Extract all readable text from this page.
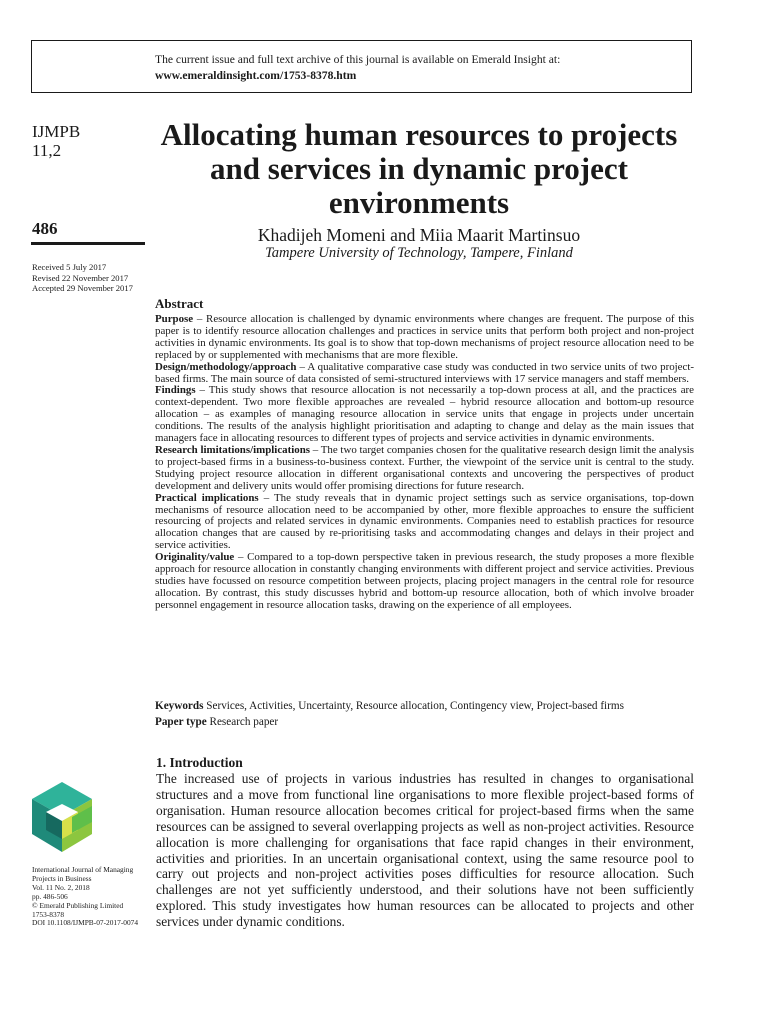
The current issue and full text archive of this journal is available on Emerald Insight at:
www.emeraldinsight.com/1753-8378.htm
IJMPB
11,2
486
Received 5 July 2017
Revised 22 November 2017
Accepted 29 November 2017
Allocating human resources to projects and services in dynamic project environments
Khadijeh Momeni and Miia Maarit Martinsuo
Tampere University of Technology, Tampere, Finland
Abstract

Purpose – Resource allocation is challenged by dynamic environments where changes are frequent. The purpose of this paper is to identify resource allocation challenges and practices in service units that perform both project and non-project activities in dynamic environments. Its goal is to show that top-down mechanisms of project resource allocation need to be replaced by or supplemented with mechanisms that are more flexible.

Design/methodology/approach – A qualitative comparative case study was conducted in two service units of two project-based firms. The main source of data consisted of semi-structured interviews with 17 service managers and staff members.

Findings – This study shows that resource allocation is not necessarily a top-down process at all, and the practices are context-dependent. Two more flexible approaches are revealed – hybrid resource allocation and bottom-up resource allocation – as examples of managing resource allocation in service units that engage in projects under uncertain conditions. The results of the analysis highlight prioritisation and adapting to change and delay as the main issues that managers face in allocating resources to different types of projects and service activities in dynamic environments.

Research limitations/implications – The two target companies chosen for the qualitative research design limit the analysis to project-based firms in a business-to-business context. Further, the viewpoint of the service unit is central to the study. Studying project resource allocation in different organisational contexts and uncovering the perspectives of product development and delivery units would offer promising directions for future research.

Practical implications – The study reveals that in dynamic project settings such as service organisations, top-down mechanisms of resource allocation need to be accompanied by other, more flexible approaches to ensure the sufficient resourcing of projects and related services in dynamic environments. Companies need to establish practices for resource allocation changes that are caused by re-prioritising tasks and accommodating changes and delays in their project and service activities.

Originality/value – Compared to a top-down perspective taken in previous research, the study proposes a more flexible approach for resource allocation in constantly changing environments with different project and service activities. Previous studies have focussed on resource competition between projects, placing project managers in the central role for resource allocation. By contrast, this study discusses hybrid and bottom-up resource allocation, both of which involve broader personnel engagement in resource allocation tasks, drawing on the experience of all employees.

Keywords Services, Activities, Uncertainty, Resource allocation, Contingency view, Project-based firms
Paper type Research paper
1. Introduction

The increased use of projects in various industries has resulted in changes to organisational structures and a move from functional line organisations to more flexible project-based forms of organisation. Human resource allocation becomes critical for project-based firms when the same resources can be assigned to several overlapping projects as well as non-project activities. Resource allocation is more challenging for organisations that face rapid changes in their environment, activities and priorities. In an uncertain organisational context, using the same resource pool to carry out projects and non-project activities poses difficulties for resource allocation. Such challenges are not yet sufficiently understood, and their solutions have not been sufficiently explored. This study investigates how human resources can be allocated to projects and other services under dynamic conditions.

International Journal of Managing
Projects in Business
Vol. 11 No. 2, 2018
pp. 486-506
© Emerald Publishing Limited
1753-8378
DOI 10.1108/IJMPB-07-2017-0074
